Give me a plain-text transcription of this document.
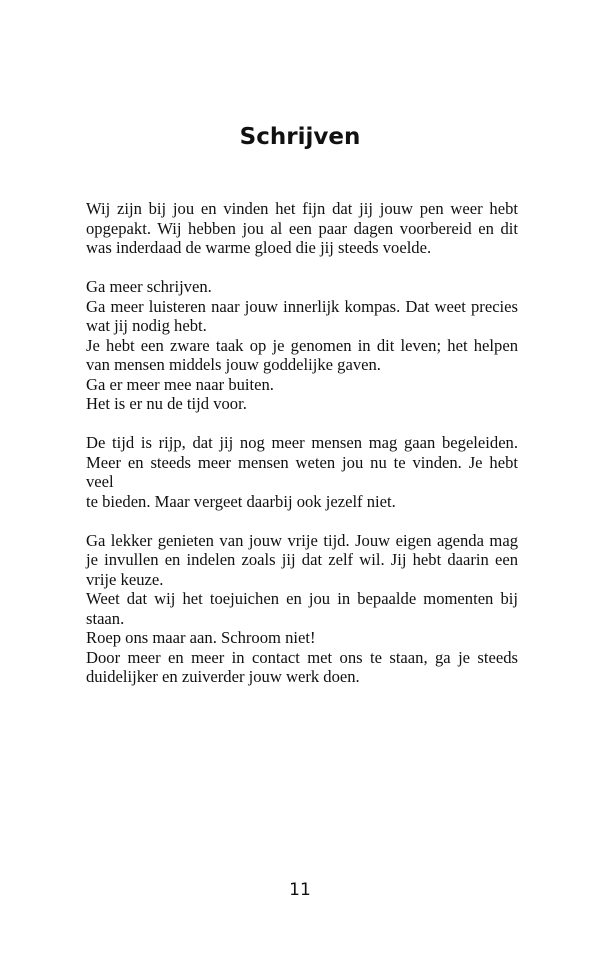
Schrijven

Wij zijn bij jou en vinden het fijn dat jij jouw pen weer hebt
opgepakt. Wij hebben jou al een paar dagen voorbereid en dit
was inderdaad de warme gloed die jij steeds voelde.

Ga meer schrijven.
Ga meer luisteren naar jouw innerlijk kompas. Dat weet precies
wat jij nodig hebt.
Je hebt een zware taak op je genomen in dit leven; het helpen
van mensen middels jouw goddelijke gaven.
Ga er meer mee naar buiten.
Het is er nu de tijd voor.

De tijd is rijp, dat jij nog meer mensen mag gaan begeleiden.
Meer en steeds meer mensen weten jou nu te vinden. Je hebt veel
te bieden. Maar vergeet daarbij ook jezelf niet.

Ga lekker genieten van jouw vrije tijd. Jouw eigen agenda mag
je invullen en indelen zoals jij dat zelf wil. Jij hebt daarin een
vrije keuze.
Weet dat wij het toejuichen en jou in bepaalde momenten bij
staan.
Roep ons maar aan. Schroom niet!
Door meer en meer in contact met ons te staan, ga je steeds
duidelijker en zuiverder jouw werk doen.

11
